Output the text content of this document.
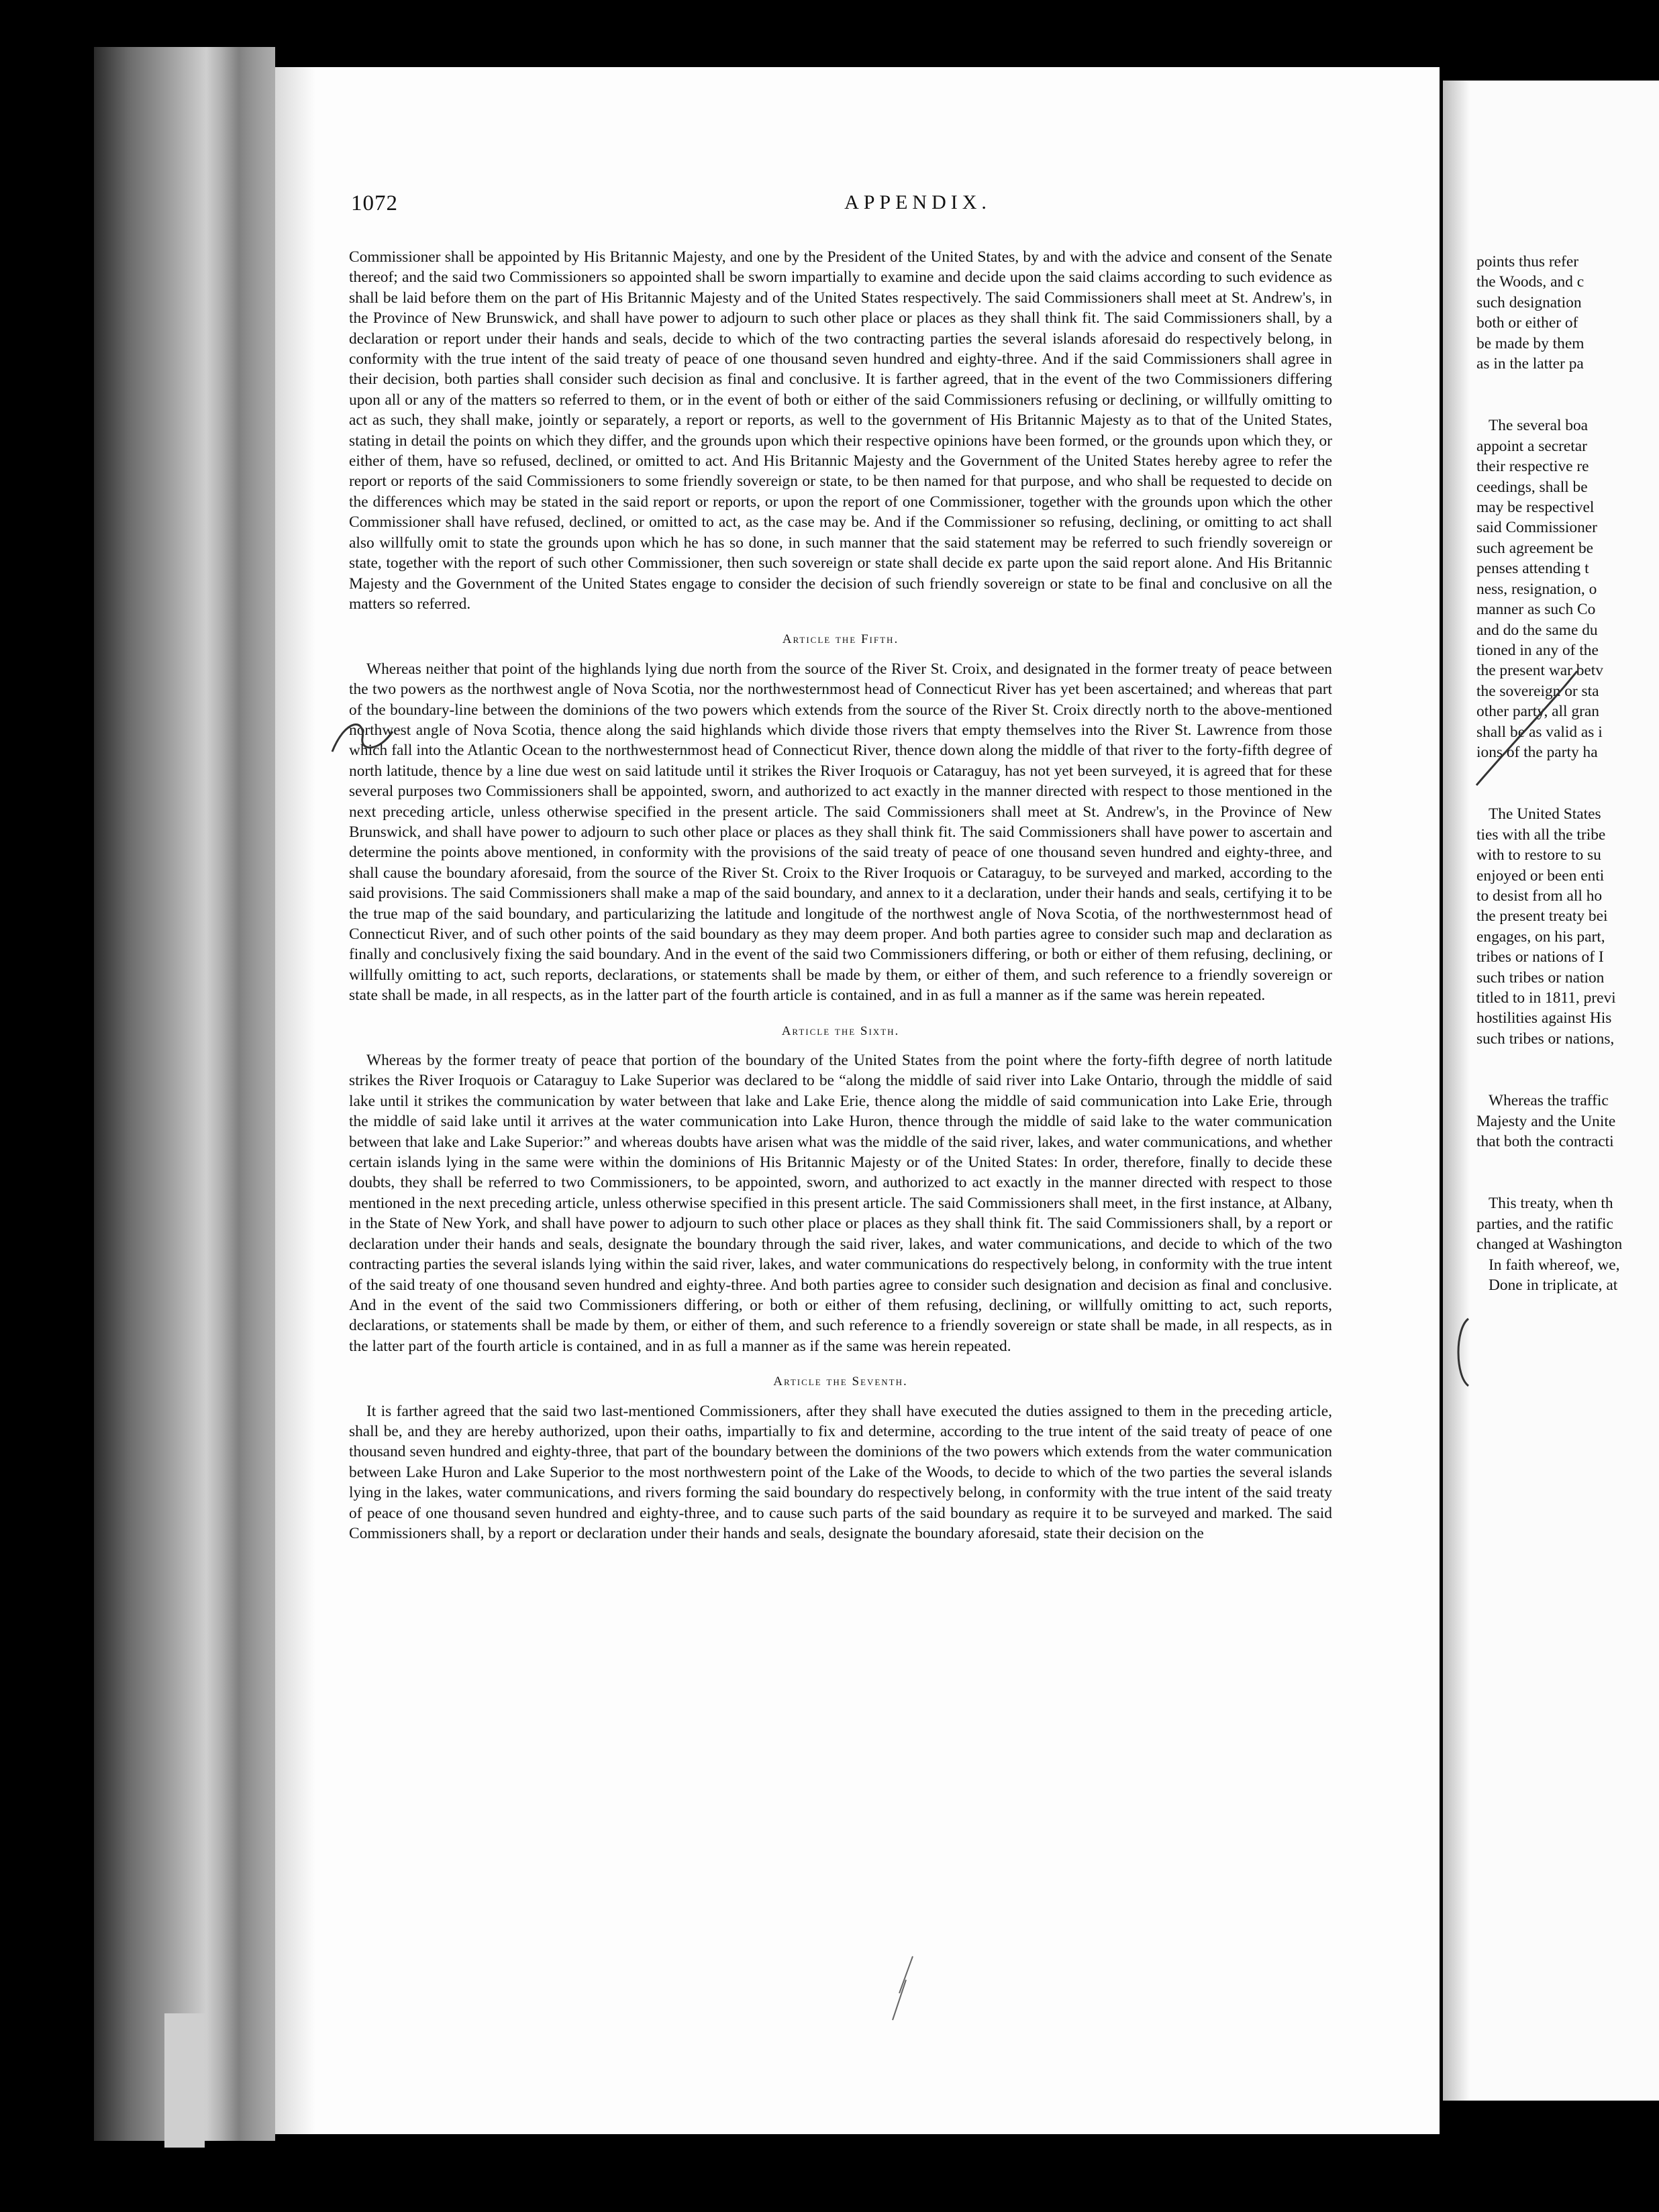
1072	APPENDIX.

Commissioner shall be appointed by His Britannic Majesty, and one by the President of the United States, by and with the advice and consent of the Senate thereof; and the said two Commissioners so appointed shall be sworn impartially to examine and decide upon the said claims according to such evidence as shall be laid before them on the part of His Britannic Majesty and of the United States respectively. The said Commissioners shall meet at St. Andrew's, in the Province of New Brunswick, and shall have power to adjourn to such other place or places as they shall think fit. The said Commissioners shall, by a declaration or report under their hands and seals, decide to which of the two contracting parties the several islands aforesaid do respectively belong, in conformity with the true intent of the said treaty of peace of one thousand seven hundred and eighty-three. And if the said Commissioners shall agree in their decision, both parties shall consider such decision as final and conclusive. It is farther agreed, that in the event of the two Commissioners differing upon all or any of the matters so referred to them, or in the event of both or either of the said Commissioners refusing or declining, or willfully omitting to act as such, they shall make, jointly or separately, a report or reports, as well to the government of His Britannic Majesty as to that of the United States, stating in detail the points on which they differ, and the grounds upon which their respective opinions have been formed, or the grounds upon which they, or either of them, have so refused, declined, or omitted to act. And His Britannic Majesty and the Government of the United States hereby agree to refer the report or reports of the said Commissioners to some friendly sovereign or state, to be then named for that purpose, and who shall be requested to decide on the differences which may be stated in the said report or reports, or upon the report of one Commissioner, together with the grounds upon which the other Commissioner shall have refused, declined, or omitted to act, as the case may be. And if the Commissioner so refusing, declining, or omitting to act shall also willfully omit to state the grounds upon which he has so done, in such manner that the said statement may be referred to such friendly sovereign or state, together with the report of such other Commissioner, then such sovereign or state shall decide ex parte upon the said report alone. And His Britannic Majesty and the Government of the United States engage to consider the decision of such friendly sovereign or state to be final and conclusive on all the matters so referred.

Article the Fifth.

Whereas neither that point of the highlands lying due north from the source of the River St. Croix, and designated in the former treaty of peace between the two powers as the northwest angle of Nova Scotia, nor the northwesternmost head of Connecticut River has yet been ascertained; and whereas that part of the boundary-line between the dominions of the two powers which extends from the source of the River St. Croix directly north to the above-mentioned northwest angle of Nova Scotia, thence along the said highlands which divide those rivers that empty themselves into the River St. Lawrence from those which fall into the Atlantic Ocean to the northwesternmost head of Connecticut River, thence down along the middle of that river to the forty-fifth degree of north latitude, thence by a line due west on said latitude until it strikes the River Iroquois or Cataraguy, has not yet been surveyed, it is agreed that for these several purposes two Commissioners shall be appointed, sworn, and authorized to act exactly in the manner directed with respect to those mentioned in the next preceding article, unless otherwise specified in the present article. The said Commissioners shall meet at St. Andrew's, in the Province of New Brunswick, and shall have power to adjourn to such other place or places as they shall think fit. The said Commissioners shall have power to ascertain and determine the points above mentioned, in conformity with the provisions of the said treaty of peace of one thousand seven hundred and eighty-three, and shall cause the boundary aforesaid, from the source of the River St. Croix to the River Iroquois or Cataraguy, to be surveyed and marked, according to the said provisions. The said Commissioners shall make a map of the said boundary, and annex to it a declaration, under their hands and seals, certifying it to be the true map of the said boundary, and particularizing the latitude and longitude of the northwest angle of Nova Scotia, of the northwesternmost head of Connecticut River, and of such other points of the said boundary as they may deem proper. And both parties agree to consider such map and declaration as finally and conclusively fixing the said boundary. And in the event of the said two Commissioners differing, or both or either of them refusing, declining, or willfully omitting to act, such reports, declarations, or statements shall be made by them, or either of them, and such reference to a friendly sovereign or state shall be made, in all respects, as in the latter part of the fourth article is contained, and in as full a manner as if the same was herein repeated.

Article the Sixth.

Whereas by the former treaty of peace that portion of the boundary of the United States from the point where the forty-fifth degree of north latitude strikes the River Iroquois or Cataraguy to Lake Superior was declared to be “along the middle of said river into Lake Ontario, through the middle of said lake until it strikes the communication by water between that lake and Lake Erie, thence along the middle of said communication into Lake Erie, through the middle of said lake until it arrives at the water communication into Lake Huron, thence through the middle of said lake to the water communication between that lake and Lake Superior:” and whereas doubts have arisen what was the middle of the said river, lakes, and water communications, and whether certain islands lying in the same were within the dominions of His Britannic Majesty or of the United States: In order, therefore, finally to decide these doubts, they shall be referred to two Commissioners, to be appointed, sworn, and authorized to act exactly in the manner directed with respect to those mentioned in the next preceding article, unless otherwise specified in this present article. The said Commissioners shall meet, in the first instance, at Albany, in the State of New York, and shall have power to adjourn to such other place or places as they shall think fit. The said Commissioners shall, by a report or declaration under their hands and seals, designate the boundary through the said river, lakes, and water communications, and decide to which of the two contracting parties the several islands lying within the said river, lakes, and water communications do respectively belong, in conformity with the true intent of the said treaty of one thousand seven hundred and eighty-three. And both parties agree to consider such designation and decision as final and conclusive. And in the event of the said two Commissioners differing, or both or either of them refusing, declining, or willfully omitting to act, such reports, declarations, or statements shall be made by them, or either of them, and such reference to a friendly sovereign or state shall be made, in all respects, as in the latter part of the fourth article is contained, and in as full a manner as if the same was herein repeated.

Article the Seventh.

It is farther agreed that the said two last-mentioned Commissioners, after they shall have executed the duties assigned to them in the preceding article, shall be, and they are hereby authorized, upon their oaths, impartially to fix and determine, according to the true intent of the said treaty of peace of one thousand seven hundred and eighty-three, that part of the boundary between the dominions of the two powers which extends from the water communication between Lake Huron and Lake Superior to the most northwestern point of the Lake of the Woods, to decide to which of the two parties the several islands lying in the lakes, water communications, and rivers forming the said boundary do respectively belong, in conformity with the true intent of the said treaty of peace of one thousand seven hundred and eighty-three, and to cause such parts of the said boundary as require it to be surveyed and marked. The said Commissioners shall, by a report or declaration under their hands and seals, designate the boundary aforesaid, state their decision on the

points thus refer
the Woods, and c
such designation
both or either of
be made by them
as in the latter pa
The several boa
appoint a secretar
their respective re
ceedings, shall be
may be respectivel
said Commissioner
such agreement be
penses attending t
ness, resignation, o
manner as such Co
and do the same du
tioned in any of the
the present war betv
the sovereign or sta
other party, all gran
shall be as valid as i
ions of the party ha
The United States
ties with all the tribe
with to restore to su
enjoyed or been enti
to desist from all ho
the present treaty bei
engages, on his part,
tribes or nations of I
such tribes or nation
titled to in 1811, previ
hostilities against His
such tribes or nations,
Whereas the traffic
Majesty and the Unite
that both the contracti
This treaty, when th
parties, and the ratific
changed at Washington
In faith whereof, we,
Done in triplicate, at
